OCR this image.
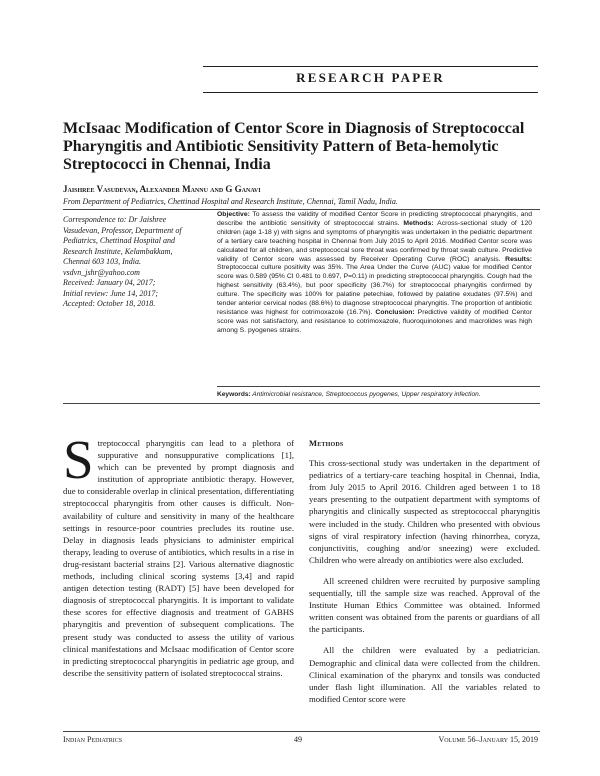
RESEARCH PAPER
McIsaac Modification of Centor Score in Diagnosis of Streptococcal Pharyngitis and Antibiotic Sensitivity Pattern of Beta-hemolytic Streptococci in Chennai, India
Jaishree Vasudevan, Alexander Mannu and G Ganavi
From Department of Pediatrics, Chettinad Hospital and Research Institute, Chennai, Tamil Nadu, India.
Correspondence to: Dr Jaishree
Vasudevan, Professor, Department of
Pediatrics, Chettinad Hospital and
Research Institute, Kelambakkam,
Chennai 603 103, India.
vsdvn_jshr@yahoo.com
Received: January 04, 2017;
Initial review: June 14, 2017;
Accepted: October 18, 2018.
Objective: To assess the validity of modified Centor Score in predicting streptococcal pharyngitis, and describe the antibiotic sensitivity of streptococcal strains. Methods: Across-sectional study of 120 children (age 1-18 y) with signs and symptoms of pharyngitis was undertaken in the pediatric department of a tertiary care teaching hospital in Chennai from July 2015 to April 2016. Modified Centor score was calculated for all children, and streptococcal sore throat was confirmed by throat swab culture. Predictive validity of Centor score was assessed by Receiver Operating Curve (ROC) analysis. Results: Streptococcal culture positivity was 35%. The Area Under the Curve (AUC) value for modified Centor score was 0.589 (95% CI 0.481 to 0.697, P=0.11) in predicting streptococcal pharyngitis. Cough had the highest sensitivity (63.4%), but poor specificity (36.7%) for streptococcal pharyngitis confirmed by culture. The specificity was 100% for palatine petechiae, followed by palatine exudates (97.5%) and tender anterior cervical nodes (88.6%) to diagnose streptococcal pharyngitis. The proportion of antibiotic resistance was highest for cotrimoxazole (16.7%). Conclusion: Predictive validity of modified Centor score was not satisfactory, and resistance to cotrimoxazole, fluoroquinolones and macrolides was high among S. pyogenes strains.
Keywords: Antimicrobial resistance, Streptococcus pyogenes, Upper respiratory infection.

Streptococcal pharyngitis can lead to a plethora of suppurative and nonsuppurative complications [1], which can be prevented by prompt diagnosis and institution of appropriate antibiotic therapy. However, due to considerable overlap in clinical presentation, differentiating streptococcal pharyngitis from other causes is difficult. Non-availability of culture and sensitivity in many of the healthcare settings in resource-poor countries precludes its routine use. Delay in diagnosis leads physicians to administer empirical therapy, leading to overuse of antibiotics, which results in a rise in drug-resistant bacterial strains [2]. Various alternative diagnostic methods, including clinical scoring systems [3,4] and rapid antigen detection testing (RADT) [5] have been developed for diagnosis of streptococcal pharyngitis. It is important to validate these scores for effective diagnosis and treatment of GABHS pharyngitis and prevention of subsequent complications. The present study was conducted to assess the utility of various clinical manifestations and McIsaac modification of Centor score in predicting streptococcal pharyngitis in pediatric age group, and describe the sensitivity pattern of isolated streptococcal strains.

Methods

This cross-sectional study was undertaken in the department of pediatrics of a tertiary-care teaching hospital in Chennai, India, from July 2015 to April 2016. Children aged between 1 to 18 years presenting to the outpatient department with symptoms of pharyngitis and clinically suspected as streptococcal pharyngitis were included in the study. Children who presented with obvious signs of viral respiratory infection (having rhinorrhea, coryza, conjunctivitis, coughing and/or sneezing) were excluded. Children who were already on antibiotics were also excluded.

All screened children were recruited by purposive sampling sequentially, till the sample size was reached. Approval of the Institute Human Ethics Committee was obtained. Informed written consent was obtained from the parents or guardians of all the participants.

All the children were evaluated by a pediatrician. Demographic and clinical data were collected from the children. Clinical examination of the pharynx and tonsils was conducted under flash light illumination. All the variables related to modified Centor score were

Indian Pediatrics	49	Volume 56–January 15, 2019
